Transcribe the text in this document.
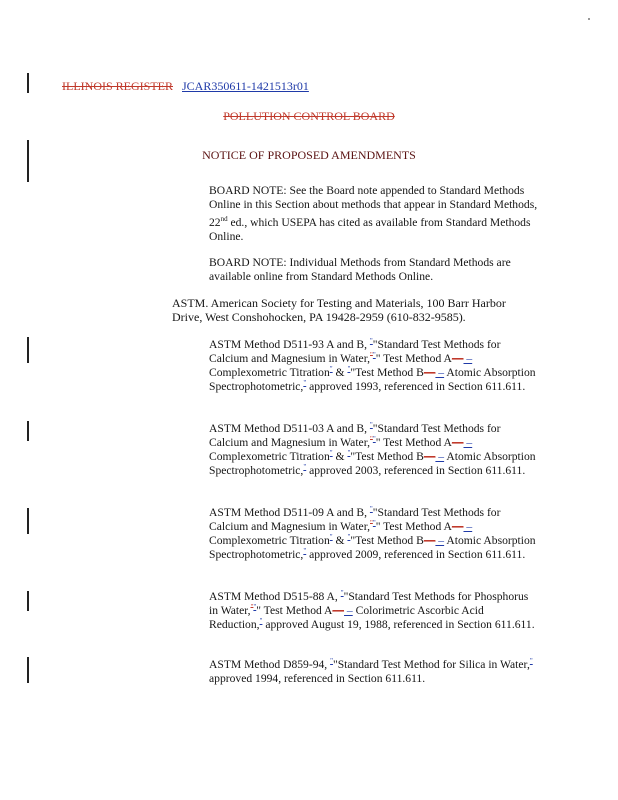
ILLINOIS REGISTER JCAR350611-1421513r01
POLLUTION CONTROL BOARD
NOTICE OF PROPOSED AMENDMENTS
BOARD NOTE: See the Board note appended to Standard Methods Online in this Section about methods that appear in Standard Methods, 22nd ed., which USEPA has cited as available from Standard Methods Online.
BOARD NOTE: Individual Methods from Standard Methods are available online from Standard Methods Online.
ASTM. American Society for Testing and Materials, 100 Barr Harbor Drive, West Conshohocken, PA 19428-2959 (610-832-9585).
ASTM Method D511-93 A and B, ""Standard Test Methods for Calcium and Magnesium in Water,""" Test Method A— – Complexometric Titration" & ""Test Method B— – Atomic Absorption Spectrophotometric," approved 1993, referenced in Section 611.611.
ASTM Method D511-03 A and B, ""Standard Test Methods for Calcium and Magnesium in Water,""" Test Method A— – Complexometric Titration" & ""Test Method B— – Atomic Absorption Spectrophotometric," approved 2003, referenced in Section 611.611.
ASTM Method D511-09 A and B, ""Standard Test Methods for Calcium and Magnesium in Water,""" Test Method A— – Complexometric Titration" & ""Test Method B— – Atomic Absorption Spectrophotometric," approved 2009, referenced in Section 611.611.
ASTM Method D515-88 A, ""Standard Test Methods for Phosphorus in Water,""" Test Method A— – Colorimetric Ascorbic Acid Reduction," approved August 19, 1988, referenced in Section 611.611.
ASTM Method D859-94, ""Standard Test Method for Silica in Water," approved 1994, referenced in Section 611.611.
